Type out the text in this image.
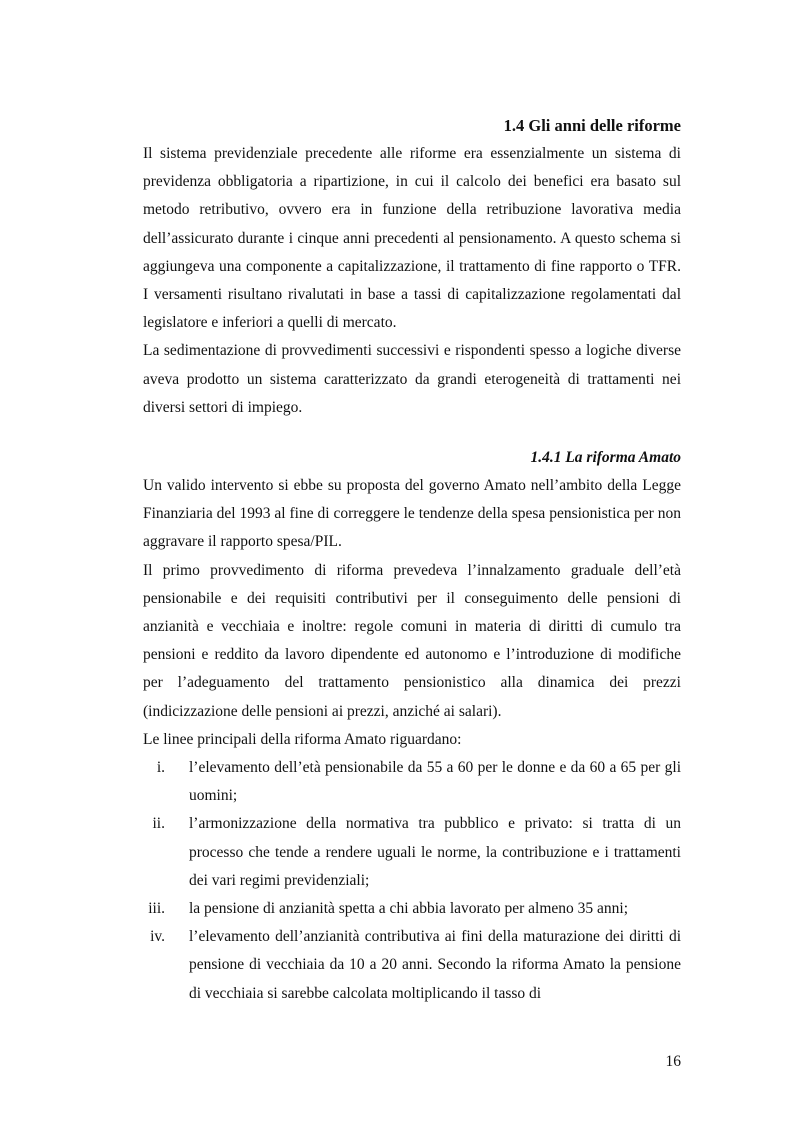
1.4 Gli anni delle riforme

Il sistema previdenziale precedente alle riforme era essenzialmente un sistema di previdenza obbligatoria a ripartizione, in cui il calcolo dei benefici era basato sul metodo retributivo, ovvero era in funzione della retribuzione lavorativa media dell’assicurato durante i cinque anni precedenti al pensionamento. A questo schema si aggiungeva una componente a capitalizzazione, il trattamento di fine rapporto o TFR. I versamenti risultano rivalutati in base a tassi di capitalizzazione regolamentati dal legislatore e inferiori a quelli di mercato.

La sedimentazione di provvedimenti successivi e rispondenti spesso a logiche diverse aveva prodotto un sistema caratterizzato da grandi eterogeneità di trattamenti nei diversi settori di impiego.

1.4.1 La riforma Amato

Un valido intervento si ebbe su proposta del governo Amato nell’ambito della Legge Finanziaria del 1993 al fine di correggere le tendenze della spesa pensionistica per non aggravare il rapporto spesa/PIL.

Il primo provvedimento di riforma prevedeva l’innalzamento graduale dell’età pensionabile e dei requisiti contributivi per il conseguimento delle pensioni di anzianità e vecchiaia e inoltre: regole comuni in materia di diritti di cumulo tra pensioni e reddito da lavoro dipendente ed autonomo e l’introduzione di modifiche per l’adeguamento del trattamento pensionistico alla dinamica dei prezzi (indicizzazione delle pensioni ai prezzi, anziché ai salari).

Le linee principali della riforma Amato riguardano:

i. l’elevamento dell’età pensionabile da 55 a 60 per le donne e da 60 a 65 per gli uomini;
ii. l’armonizzazione della normativa tra pubblico e privato: si tratta di un processo che tende a rendere uguali le norme, la contribuzione e i trattamenti dei vari regimi previdenziali;
iii. la pensione di anzianità spetta a chi abbia lavorato per almeno 35 anni;
iv. l’elevamento dell’anzianità contributiva ai fini della maturazione dei diritti di pensione di vecchiaia da 10 a 20 anni. Secondo la riforma Amato la pensione di vecchiaia si sarebbe calcolata moltiplicando il tasso di
16
